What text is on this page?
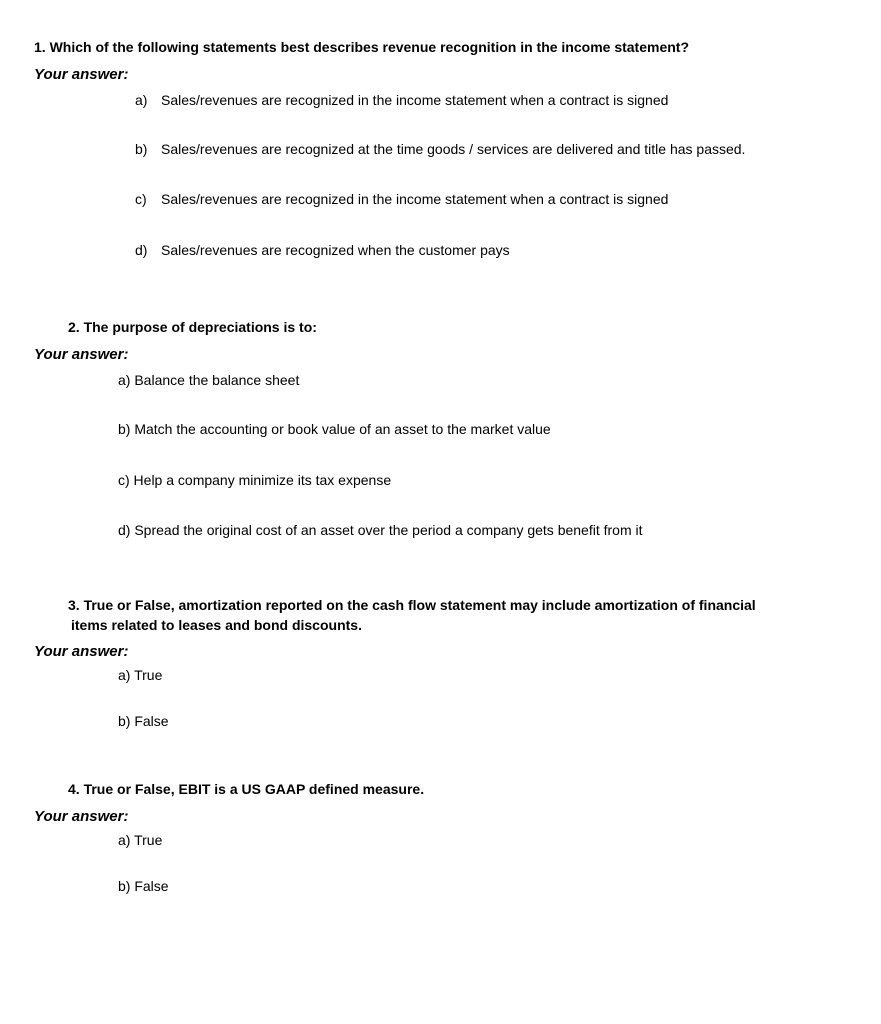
1. Which of the following statements best describes revenue recognition in the income statement?
Your answer:
a) Sales/revenues are recognized in the income statement when a contract is signed
b) Sales/revenues are recognized at the time goods / services are delivered and title has passed.
c) Sales/revenues are recognized in the income statement when a contract is signed
d) Sales/revenues are recognized when the customer pays
2. The purpose of depreciations is to:
Your answer:
a) Balance the balance sheet
b) Match the accounting or book value of an asset to the market value
c) Help a company minimize its tax expense
d) Spread the original cost of an asset over the period a company gets benefit from it
3. True or False, amortization reported on the cash flow statement may include amortization of financial
items related to leases and bond discounts.
Your answer:
a) True
b) False
4. True or False, EBIT is a US GAAP defined measure.
Your answer:
a) True
b) False
